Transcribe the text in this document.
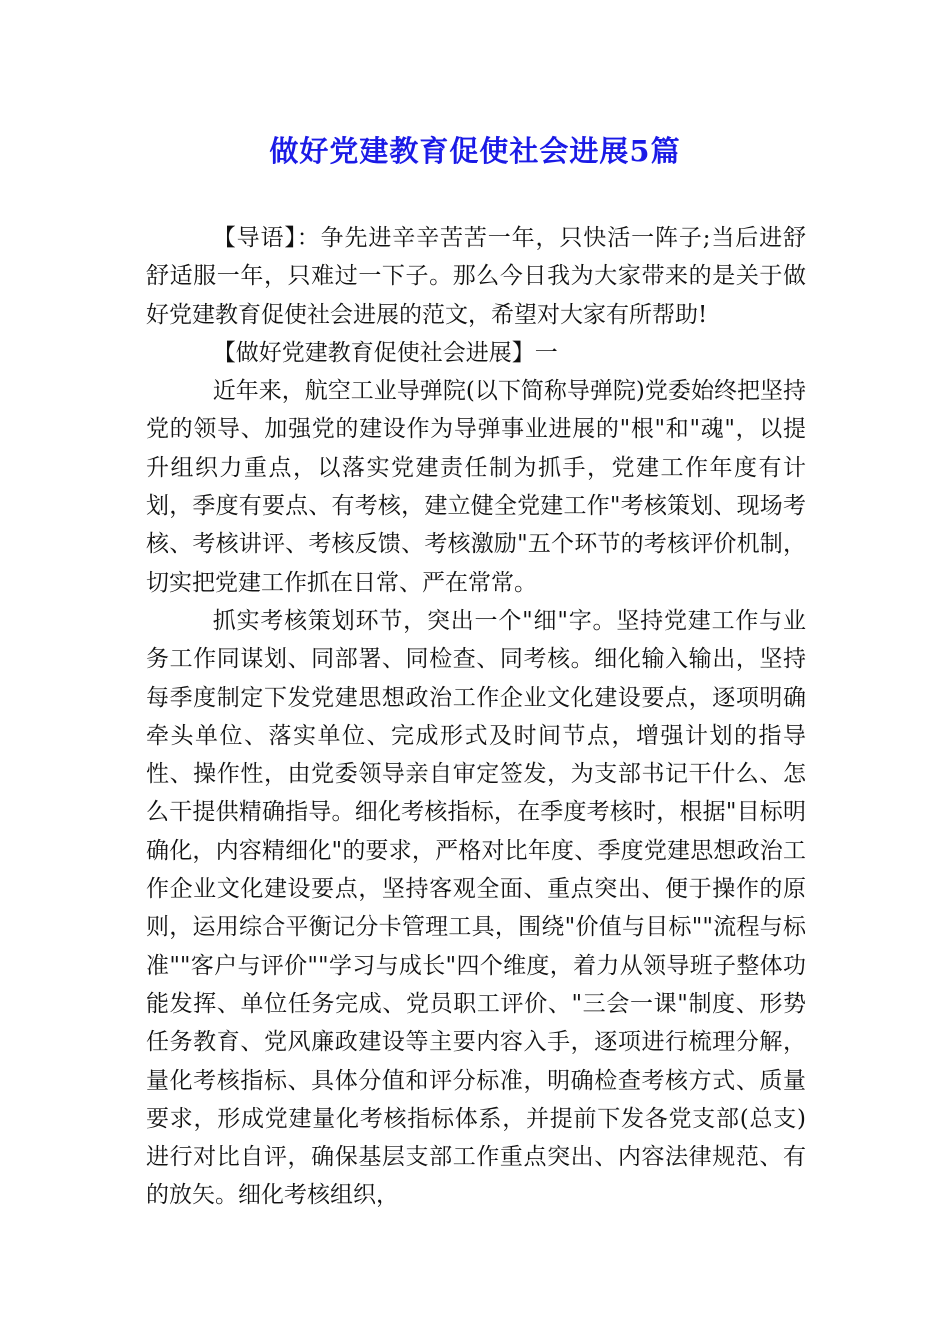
做好党建教育促使社会进展5篇

【导语】：争先进辛辛苦苦一年，只快活一阵子;当后进舒舒适服一年，只难过一下子。那么今日我为大家带来的是关于做好党建教育促使社会进展的范文，希望对大家有所帮助!

【做好党建教育促使社会进展】一

近年来，航空工业导弹院(以下简称导弹院)党委始终把坚持党的领导、加强党的建设作为导弹事业进展的"根"和"魂"，以提升组织力重点，以落实党建责任制为抓手，党建工作年度有计划，季度有要点、有考核，建立健全党建工作"考核策划、现场考核、考核讲评、考核反馈、考核激励"五个环节的考核评价机制，切实把党建工作抓在日常、严在常常。

抓实考核策划环节，突出一个"细"字。坚持党建工作与业务工作同谋划、同部署、同检查、同考核。细化输入输出，坚持每季度制定下发党建思想政治工作企业文化建设要点，逐项明确牵头单位、落实单位、完成形式及时间节点，增强计划的指导性、操作性，由党委领导亲自审定签发，为支部书记干什么、怎么干提供精确指导。细化考核指标，在季度考核时，根据"目标明确化，内容精细化"的要求，严格对比年度、季度党建思想政治工作企业文化建设要点，坚持客观全面、重点突出、便于操作的原则，运用综合平衡记分卡管理工具，围绕"价值与目标""流程与标准""客户与评价""学习与成长"四个维度，着力从领导班子整体功能发挥、单位任务完成、党员职工评价、"三会一课"制度、形势任务教育、党风廉政建设等主要内容入手，逐项进行梳理分解，量化考核指标、具体分值和评分标准，明确检查考核方式、质量要求，形成党建量化考核指标体系，并提前下发各党支部(总支)进行对比自评，确保基层支部工作重点突出、内容法律规范、有的放矢。细化考核组织，
